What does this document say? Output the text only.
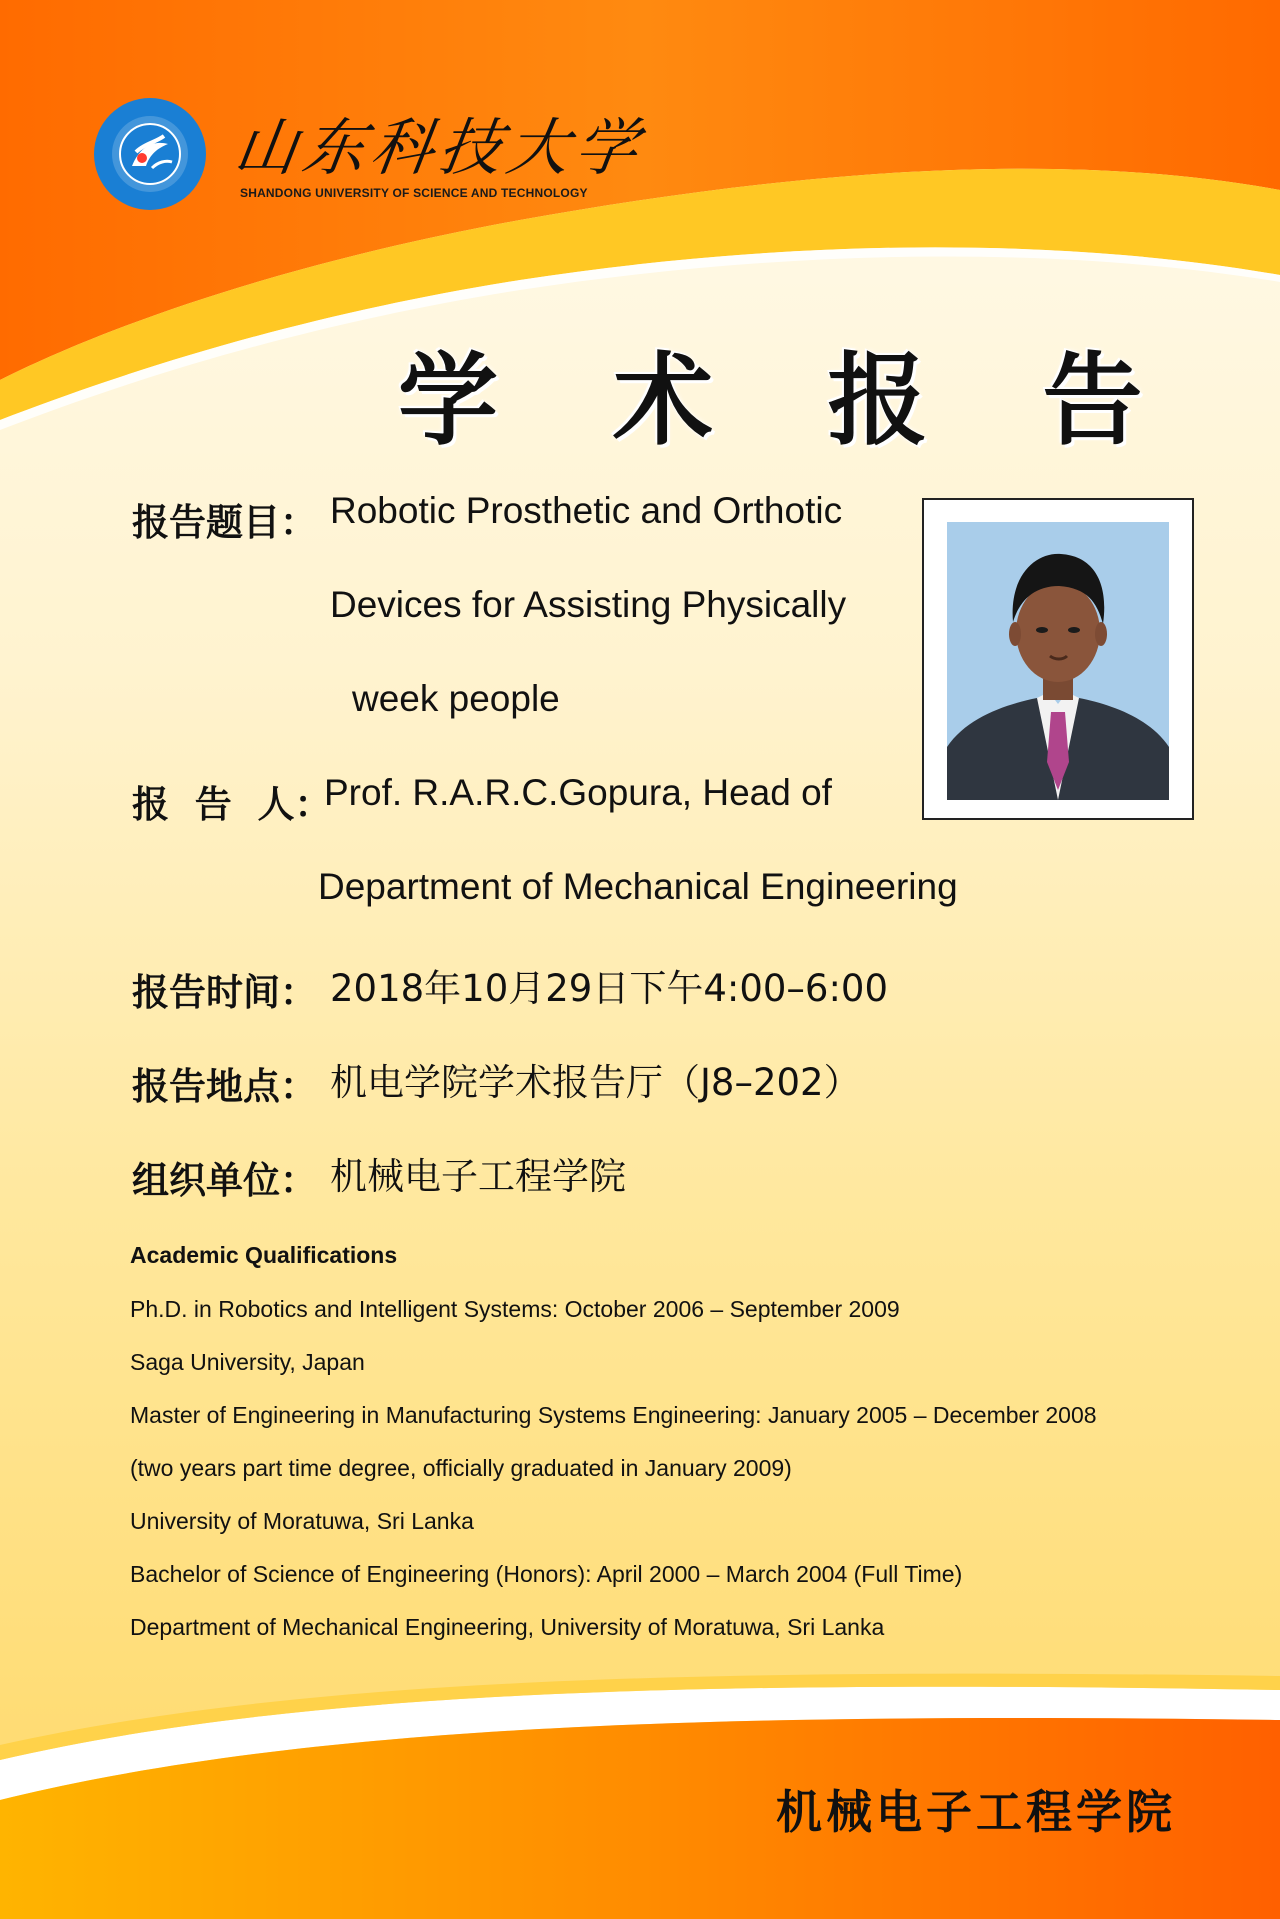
山东科技大学
SHANDONG UNIVERSITY OF SCIENCE AND TECHNOLOGY
学 术 报 告
报告题目： Robotic Prosthetic and Orthotic
Devices for Assisting Physically
week people
报  告  人：
Prof. R.A.R.C.Gopura, Head of
Department of Mechanical Engineering
报告时间： 2018年10月29日下午4:00–6:00
报告地点： 机电学院学术报告厅（J8–202）
组织单位： 机械电子工程学院
Academic Qualifications
Ph.D. in Robotics and Intelligent Systems: October 2006 – September 2009
Saga University, Japan
Master of Engineering in Manufacturing Systems Engineering: January 2005 – December 2008
(two years part time degree, officially graduated in January 2009)
University of Moratuwa, Sri Lanka
Bachelor of Science of Engineering (Honors): April 2000 – March 2004 (Full Time)
Department of Mechanical Engineering, University of Moratuwa, Sri Lanka
机械电子工程学院
